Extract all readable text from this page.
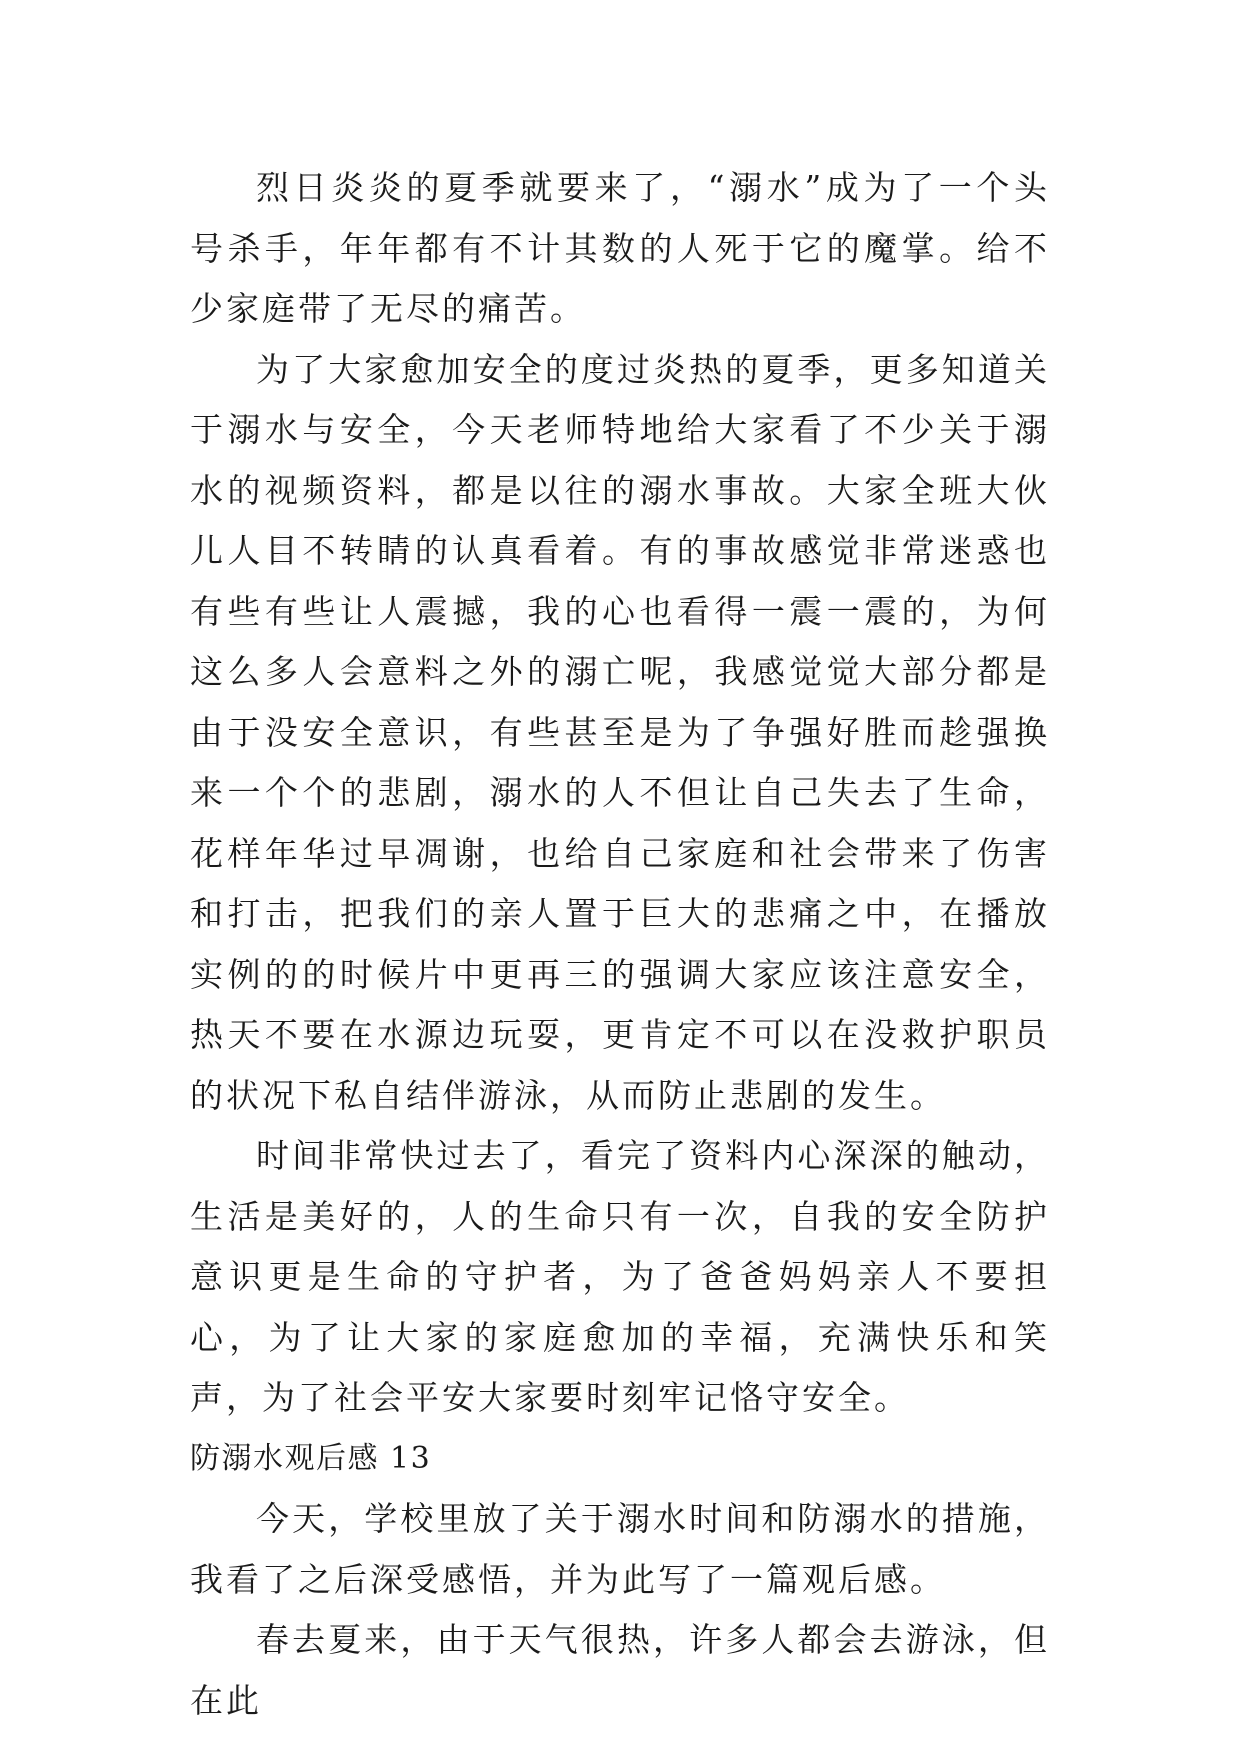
烈日炎炎的夏季就要来了，“溺水”成为了一个头号杀手，年年都有不计其数的人死于它的魔掌。给不少家庭带了无尽的痛苦。

为了大家愈加安全的度过炎热的夏季，更多知道关于溺水与安全，今天老师特地给大家看了不少关于溺水的视频资料，都是以往的溺水事故。大家全班大伙儿人目不转睛的认真看着。有的事故感觉非常迷惑也有些有些让人震撼，我的心也看得一震一震的，为何这么多人会意料之外的溺亡呢，我感觉觉大部分都是由于没安全意识，有些甚至是为了争强好胜而趁强换来一个个的悲剧，溺水的人不但让自己失去了生命，花样年华过早凋谢，也给自己家庭和社会带来了伤害和打击，把我们的亲人置于巨大的悲痛之中，在播放实例的的时候片中更再三的强调大家应该注意安全，热天不要在水源边玩耍，更肯定不可以在没救护职员的状况下私自结伴游泳，从而防止悲剧的发生。

时间非常快过去了，看完了资料内心深深的触动，生活是美好的，人的生命只有一次，自我的安全防护意识更是生命的守护者，为了爸爸妈妈亲人不要担心，为了让大家的家庭愈加的幸福，充满快乐和笑声，为了社会平安大家要时刻牢记恪守安全。

防溺水观后感 13

今天，学校里放了关于溺水时间和防溺水的措施，我看了之后深受感悟，并为此写了一篇观后感。

春去夏来，由于天气很热，许多人都会去游泳，但在此
